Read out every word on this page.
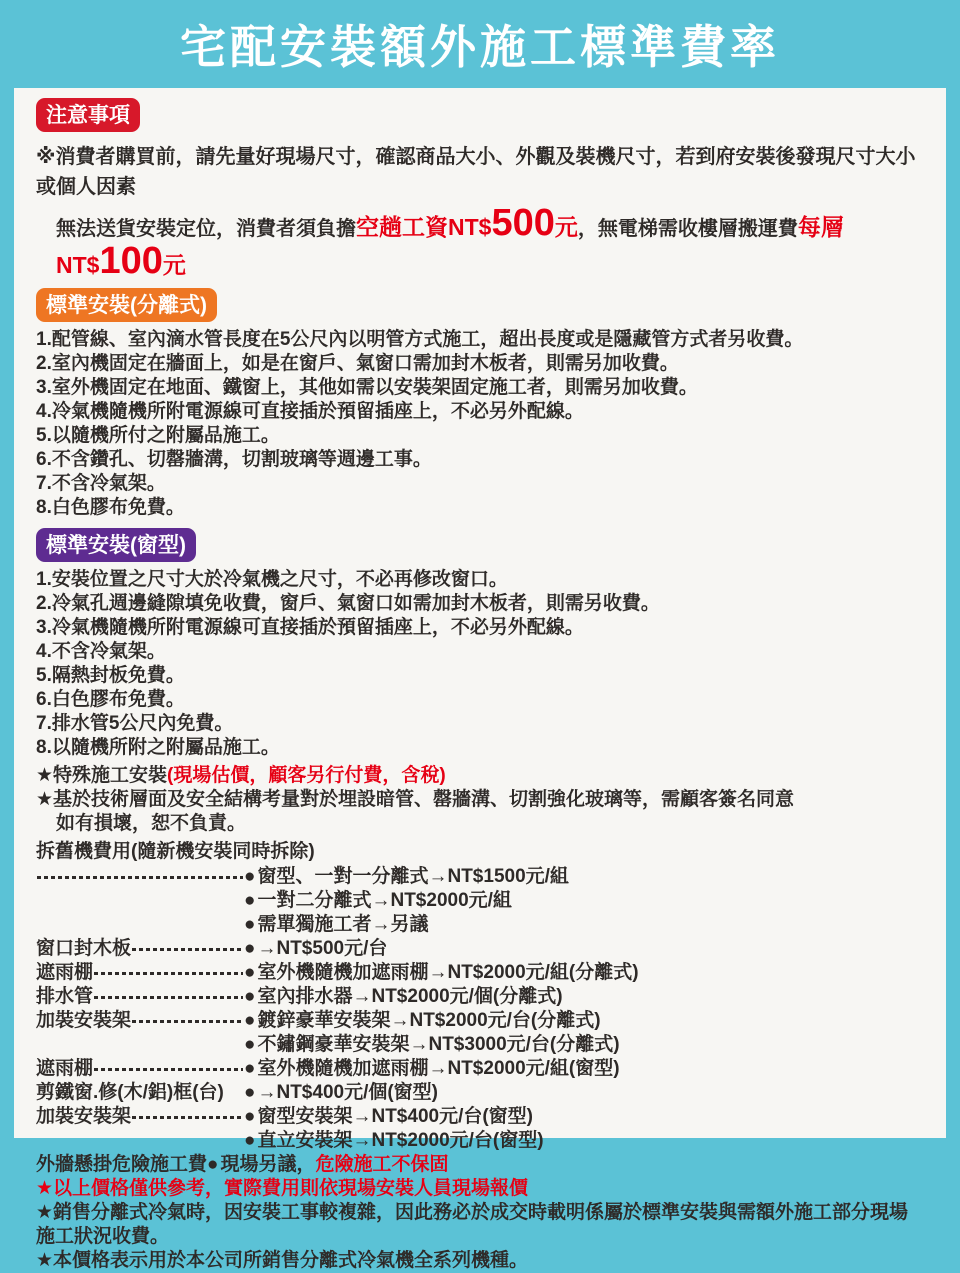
宅配安裝額外施工標準費率
注意事項
※消費者購買前，請先量好現場尺寸，確認商品大小、外觀及裝機尺寸，若到府安裝後發現尺寸大小或個人因素
無法送貨安裝定位，消費者須負擔空趟工資NT$500元，無電梯需收樓層搬運費每層NT$100元
標準安裝(分離式)
1.配管線、室內滴水管長度在5公尺內以明管方式施工，超出長度或是隱藏管方式者另收費。
2.室內機固定在牆面上，如是在窗戶、氣窗口需加封木板者，則需另加收費。
3.室外機固定在地面、鐵窗上，其他如需以安裝架固定施工者，則需另加收費。
4.冷氣機隨機所附電源線可直接插於預留插座上，不必另外配線。
5.以隨機所付之附屬品施工。
6.不含鑽孔、切罄牆溝，切割玻璃等週邊工事。
7.不含冷氣架。
8.白色膠布免費。
標準安裝(窗型)
1.安裝位置之尺寸大於冷氣機之尺寸，不必再修改窗口。
2.冷氣孔週邊縫隙填免收費，窗戶、氣窗口如需加封木板者，則需另收費。
3.冷氣機隨機所附電源線可直接插於預留插座上，不必另外配線。
4.不含冷氣架。
5.隔熱封板免費。
6.白色膠布免費。
7.排水管5公尺內免費。
8.以隨機所附之附屬品施工。
★特殊施工安裝(現場估價，顧客另行付費，含稅)
★基於技術層面及安全結構考量對於埋設暗管、罄牆溝、切割強化玻璃等，需顧客簽名同意
如有損壞，恕不負責。
拆舊機費用(隨新機安裝同時拆除)
● 窗型、一對一分離式→NT$1500元/組
● 一對二分離式→NT$2000元/組
● 需單獨施工者→另議
窗口封木板	● →NT$500元/台
遮雨棚	● 室外機隨機加遮雨棚→NT$2000元/組(分離式)
排水管	● 室內排水器→NT$2000元/個(分離式)
加裝安裝架	● 鍍鋅豪華安裝架→NT$2000元/台(分離式)
● 不鏽鋼豪華安裝架→NT$3000元/台(分離式)
遮雨棚	● 室外機隨機加遮雨棚→NT$2000元/組(窗型)
剪鐵窗.修(木/鋁)框(台) ● →NT$400元/個(窗型)
加裝安裝架	● 窗型安裝架→NT$400元/台(窗型)
● 直立安裝架→NT$2000元/台(窗型)
外牆懸掛危險施工費 ● 現場另議， 危險施工不保固
★以上價格僅供參考，實際費用則依現場安裝人員現場報價
★銷售分離式冷氣時，因安裝工事較複雜，因此務必於成交時載明係屬於標準安裝與需額外施工部分現場施工狀況收費。
★本價格表示用於本公司所銷售分離式冷氣機全系列機種。
